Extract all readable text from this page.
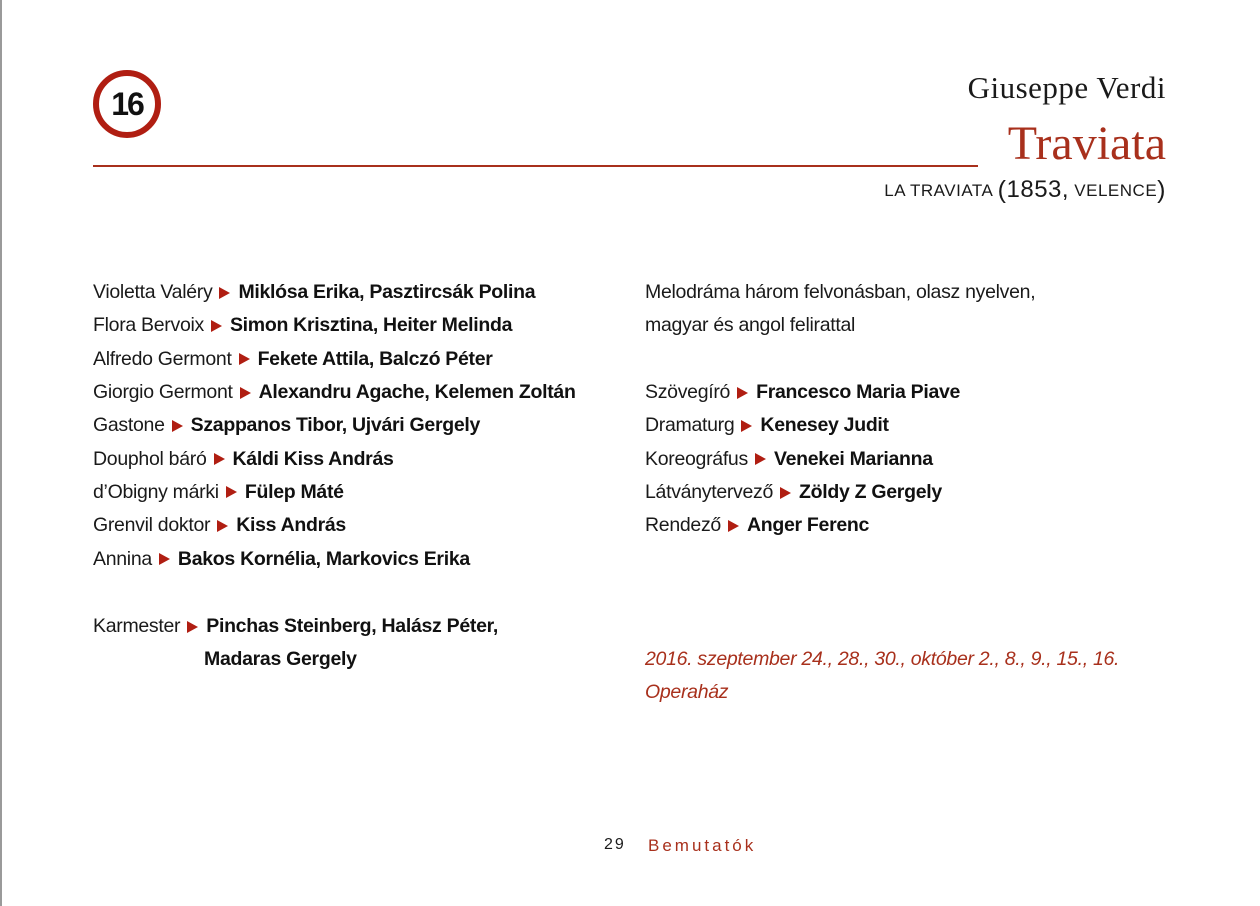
16	Giuseppe Verdi
Traviata
LA TRAVIATA (1853, VELENCE)
Violetta Valéry Miklósa Erika, Pasztircsák Polina
Flora Bervoix Simon Krisztina, Heiter Melinda
Alfredo Germont Fekete Attila, Balczó Péter
Giorgio Germont Alexandru Agache, Kelemen Zoltán
Gastone Szappanos Tibor, Ujvári Gergely
Douphol báró Káldi Kiss András
d’Obigny márki Fülep Máté
Grenvil doktor Kiss András
Annina Bakos Kornélia, Markovics Erika
Karmester Pinchas Steinberg, Halász Péter,
Madaras Gergely
Melodráma három felvonásban, olasz nyelven,
magyar és angol felirattal
Szövegíró Francesco Maria Piave
Dramaturg Kenesey Judit
Koreográfus Venekei Marianna
Látványtervező Zöldy Z Gergely
Rendező Anger Ferenc
2016. szeptember 24., 28., 30., október 2., 8., 9., 15., 16.
Operaház
29 Bemutatók
